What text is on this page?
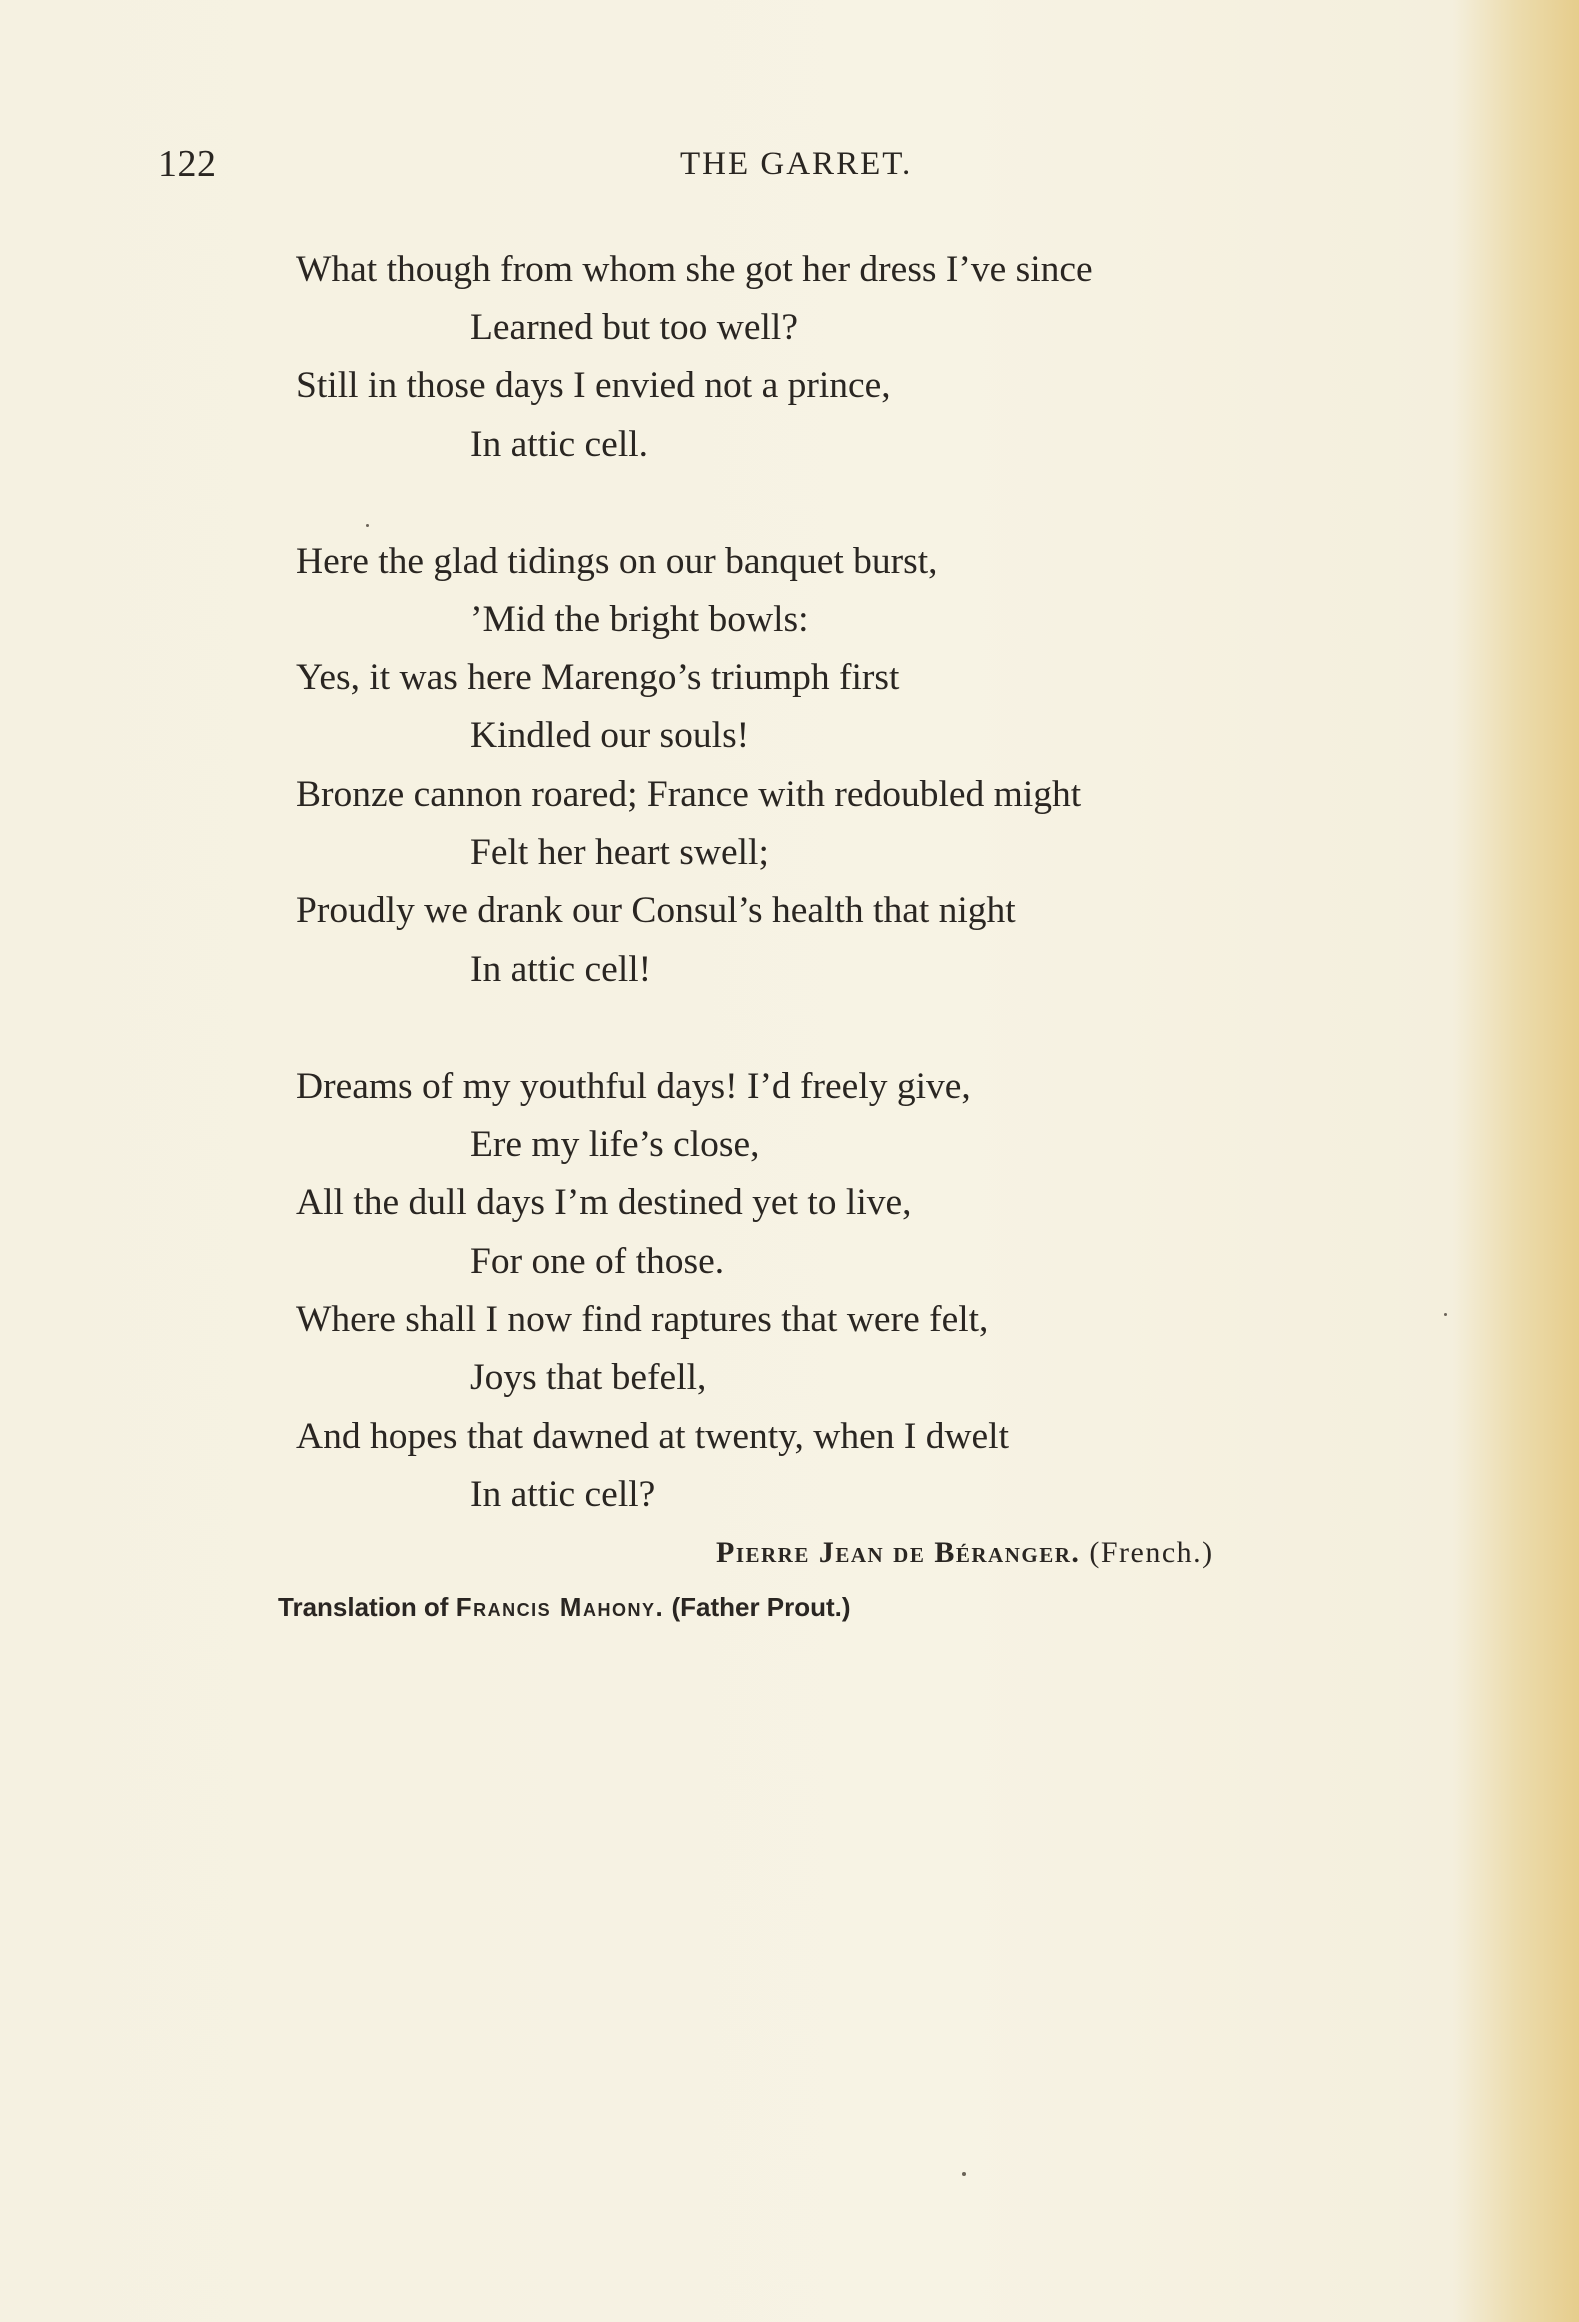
122	THE GARRET.
What though from whom she got her dress I’ve since
Learned but too well?
Still in those days I envied not a prince,
In attic cell.
Here the glad tidings on our banquet burst,
’Mid the bright bowls:
Yes, it was here Marengo’s triumph first
Kindled our souls!
Bronze cannon roared; France with redoubled might
Felt her heart swell;
Proudly we drank our Consul’s health that night
In attic cell!
Dreams of my youthful days! I’d freely give,
Ere my life’s close,
All the dull days I’m destined yet to live,
For one of those.
Where shall I now find raptures that were felt,
Joys that befell,
And hopes that dawned at twenty, when I dwelt
In attic cell?
Pierre Jean de Béranger. (French.)
Translation of Francis Mahony. (Father Prout.)
